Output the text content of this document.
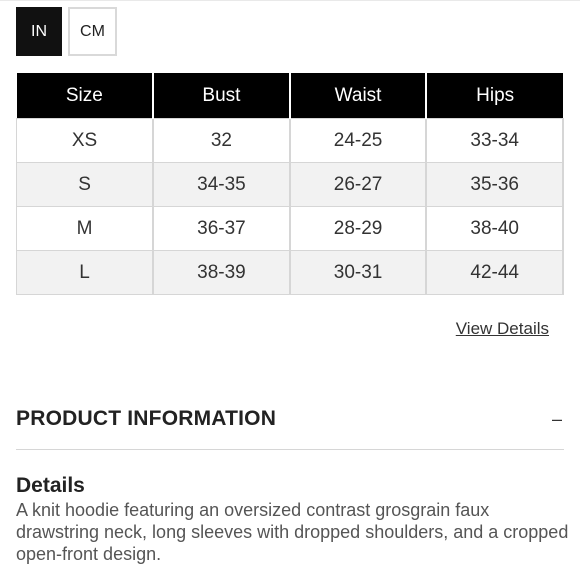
IN	CM
Size	Bust	Waist	Hips
XS	32	24-25	33-34
S	34-35	26-27	35-36
M	36-37	28-29	38-40
L	38-39	30-31	42-44
View Details
PRODUCT INFORMATION	–
Details
A knit hoodie featuring an oversized contrast grosgrain faux drawstring neck, long sleeves with dropped shoulders, and a cropped open-front design.
